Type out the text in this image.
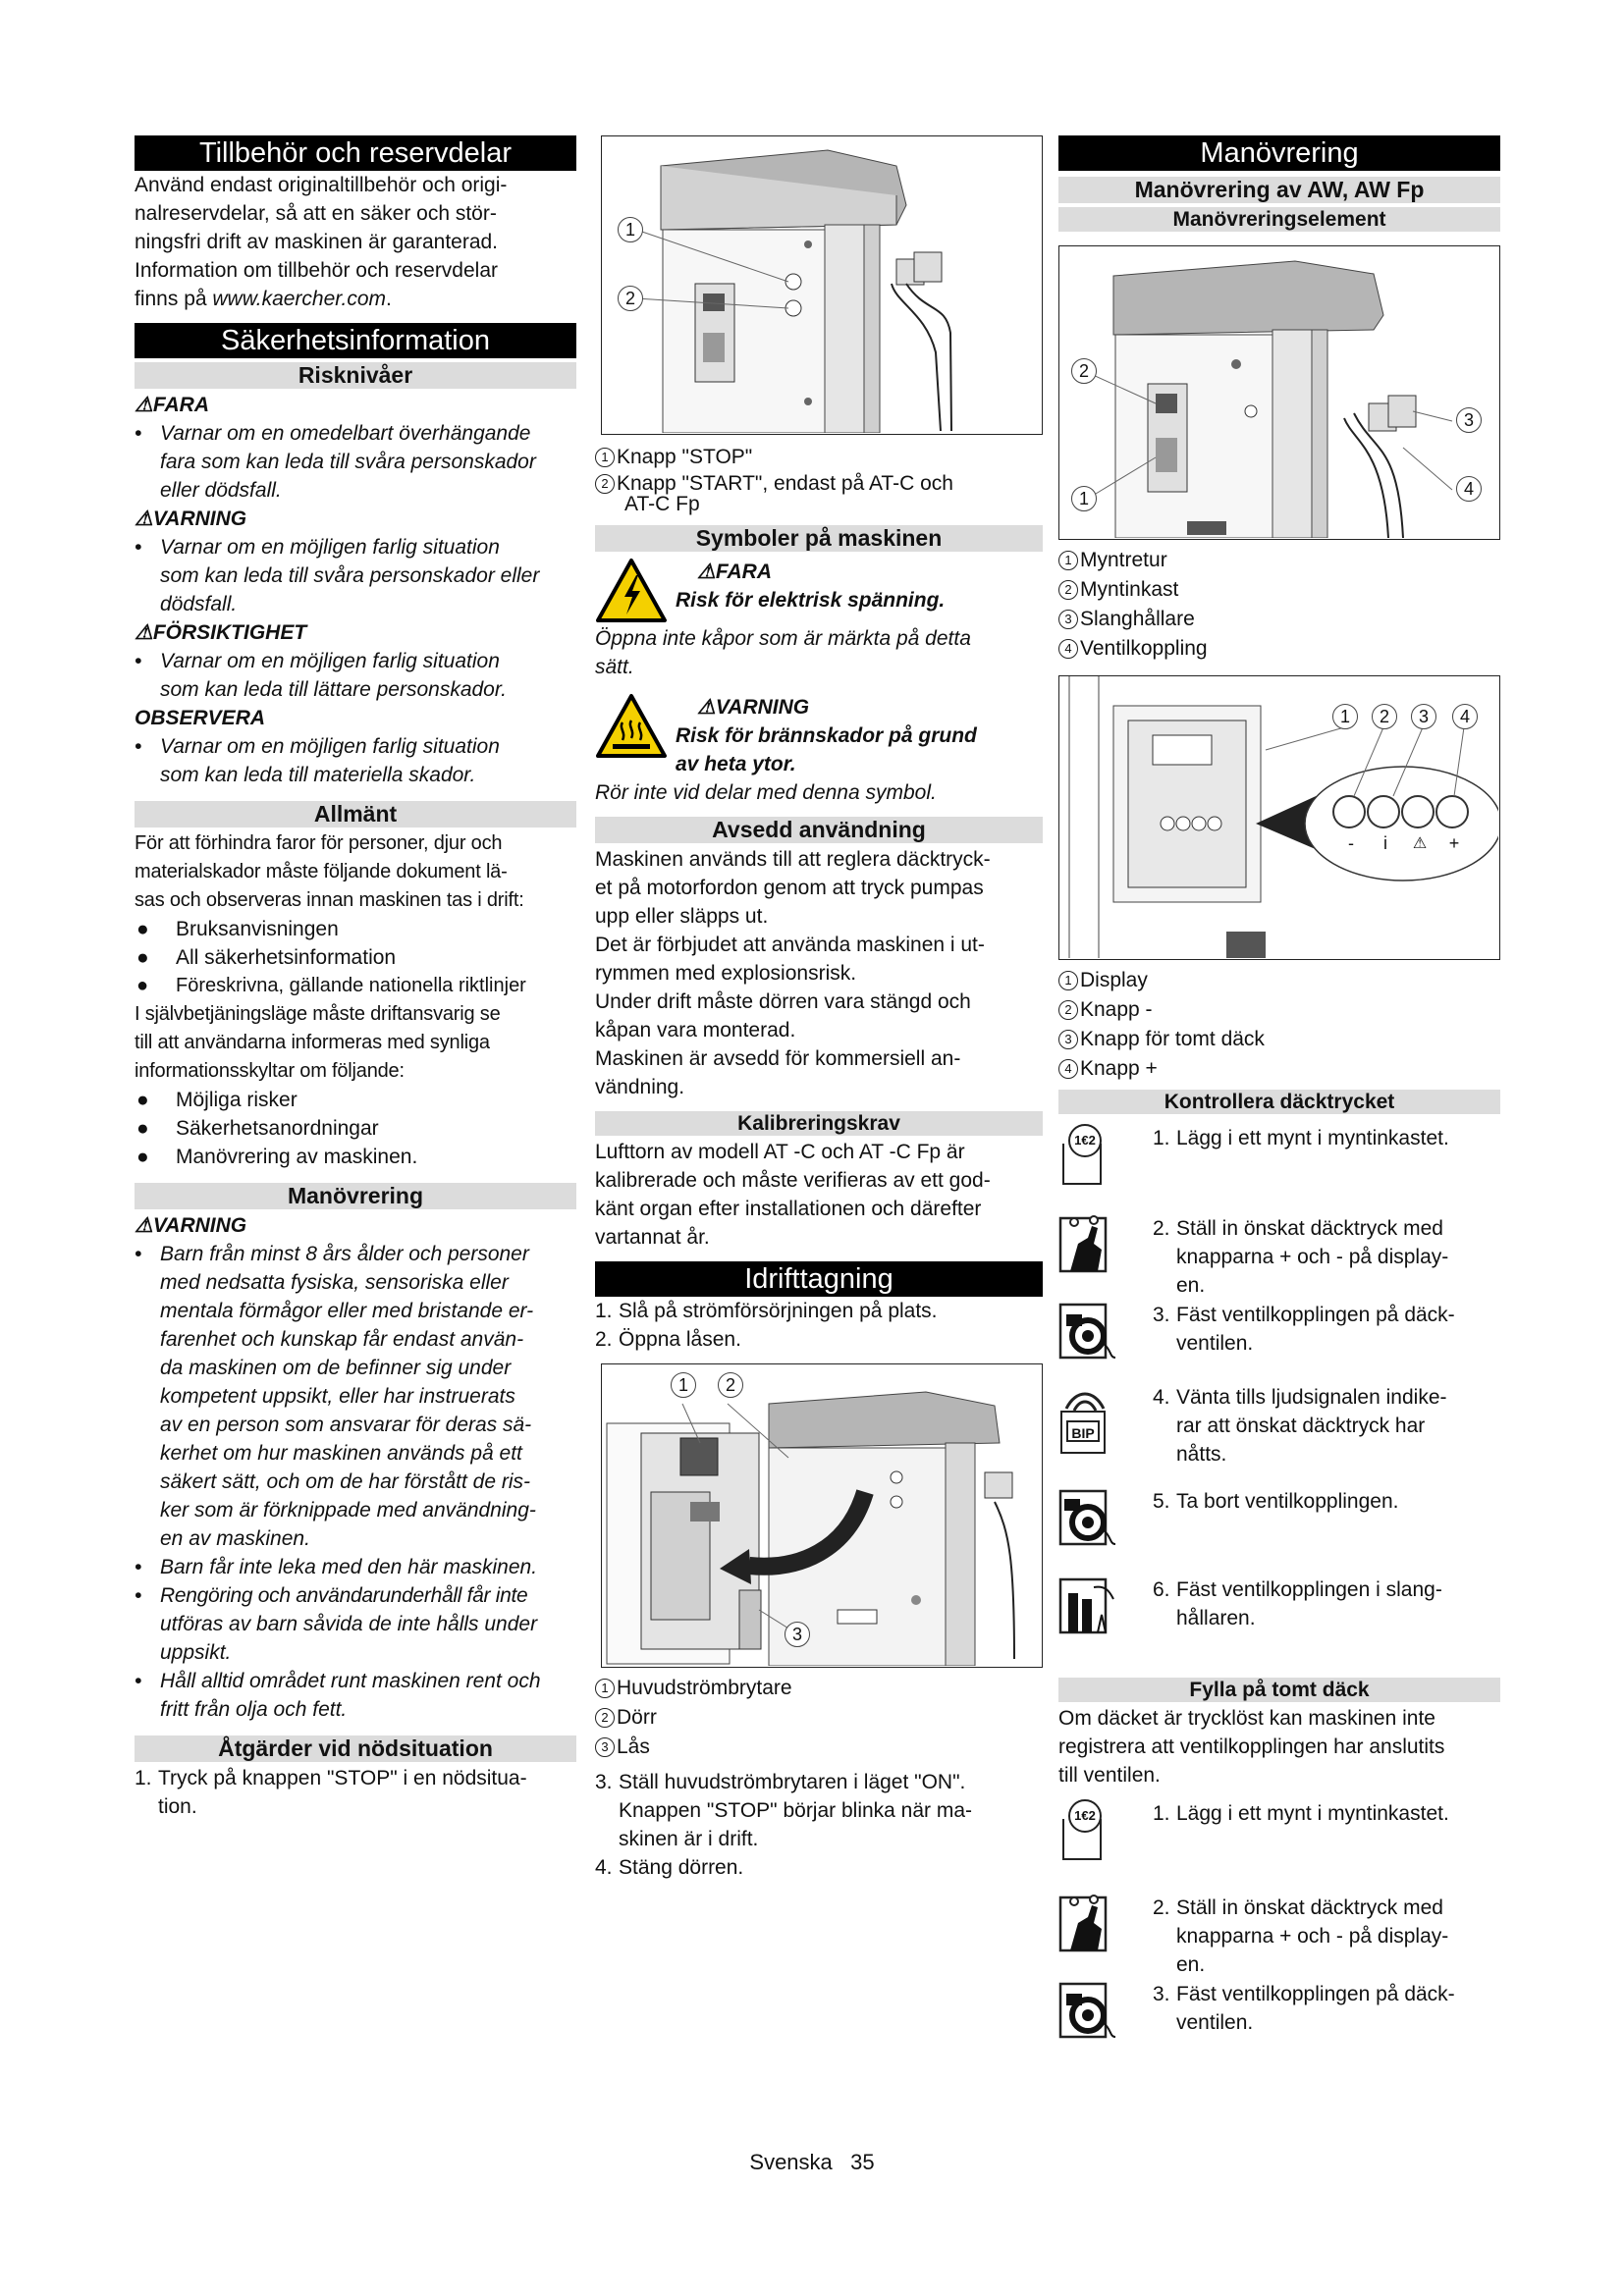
Tillbehör och reservdelar

Använd endast originaltillbehör och origi-

nalreservdelar, så att en säker och stör-

ningsfri drift av maskinen är garanterad.

Information om tillbehör och reservdelar

finns på www.kaercher.com.

Säkerhetsinformation
Risknivåer

⚠FARA

• Varnar om en omedelbart överhängande

fara som kan leda till svåra personskador

eller dödsfall.

⚠VARNING

• Varnar om en möjligen farlig situation

som kan leda till svåra personskador eller

dödsfall.

⚠FÖRSIKTIGHET

• Varnar om en möjligen farlig situation

som kan leda till lättare personskador.

OBSERVERA

• Varnar om en möjligen farlig situation

som kan leda till materiella skador.

Allmänt

För att förhindra faror för personer, djur och

materialskador måste följande dokument lä-

sas och observeras innan maskinen tas i drift:

●	Bruksanvisningen
●	All säkerhetsinformation
●	Föreskrivna, gällande nationella riktlinjer

I självbetjäningsläge måste driftansvarig se

till att användarna informeras med synliga

informationsskyltar om följande:

●	Möjliga risker
●	Säkerhetsanordningar
●	Manövrering av maskinen.
Manövrering

⚠VARNING

• Barn från minst 8 års ålder och personer

med nedsatta fysiska, sensoriska eller

mentala förmågor eller med bristande er-

farenhet och kunskap får endast använ-

da maskinen om de befinner sig under

kompetent uppsikt, eller har instruerats

av en person som ansvarar för deras sä-

kerhet om hur maskinen används på ett

säkert sätt, och om de har förstått de ris-

ker som är förknippade med användning-

en av maskinen.

• Barn får inte leka med den här maskinen.
• Rengöring och användarunderhåll får inte

utföras av barn såvida de inte hålls under

uppsikt.

• Håll alltid området runt maskinen rent och

fritt från olja och fett.

Åtgärder vid nödsituation
1. Tryck på knappen "STOP" i en nödsitua-

tion.

1
2
1 Knapp "STOP"
2 Knapp "START", endast på AT-C och

AT-C Fp

Symboler på maskinen

⚠FARA

Risk för elektrisk spänning.

Öppna inte kåpor som är märkta på detta

sätt.

⚠VARNING

Risk för brännskador på grund

av heta ytor.

Rör inte vid delar med denna symbol.

Avsedd användning

Maskinen används till att reglera däcktryck-

et på motorfordon genom att tryck pumpas

upp eller släpps ut.

Det är förbjudet att använda maskinen i ut-

rymmen med explosionsrisk.

Under drift måste dörren vara stängd och

kåpan vara monterad.

Maskinen är avsedd för kommersiell an-

vändning.

Kalibreringskrav

Lufttorn av modell AT -C och AT -C Fp är

kalibrerade och måste verifieras av ett god-

känt organ efter installationen och därefter

vartannat år.

Idrifttagning
1. Slå på strömförsörjningen på plats.
2. Öppna låsen.
1	2
3
1 Huvudströmbrytare
2 Dörr
3 Lås
3. Ställ huvudströmbrytaren i läget "ON".

Knappen "STOP" börjar blinka när ma-

skinen är i drift.

4. Stäng dörren.
Manövrering
Manövrering av AW, AW Fp
Manövreringselement
2
1
3
4
1 Myntretur
2 Myntinkast
3 Slanghållare
4 Ventilkoppling
1	2	3	4
-	i	⚠	+
1 Display
2 Knapp -
3 Knapp för tomt däck
4 Knapp +
Kontrollera däcktrycket
1€2	1. Lägg i ett mynt i myntinkastet.
2. Ställ in önskat däcktryck med

knapparna + och - på display-

en.

3. Fäst ventilkopplingen på däck-

ventilen.

BIP
4. Vänta tills ljudsignalen indike-

rar att önskat däcktryck har

nåtts.

5. Ta bort ventilkopplingen.
6. Fäst ventilkopplingen i slang-

hållaren.

Fylla på tomt däck

Om däcket är trycklöst kan maskinen inte

registrera att ventilkopplingen har anslutits

till ventilen.

1€2	1. Lägg i ett mynt i myntinkastet.
2. Ställ in önskat däcktryck med

knapparna + och - på display-

en.

3. Fäst ventilkopplingen på däck-

ventilen.

Svenska 35
